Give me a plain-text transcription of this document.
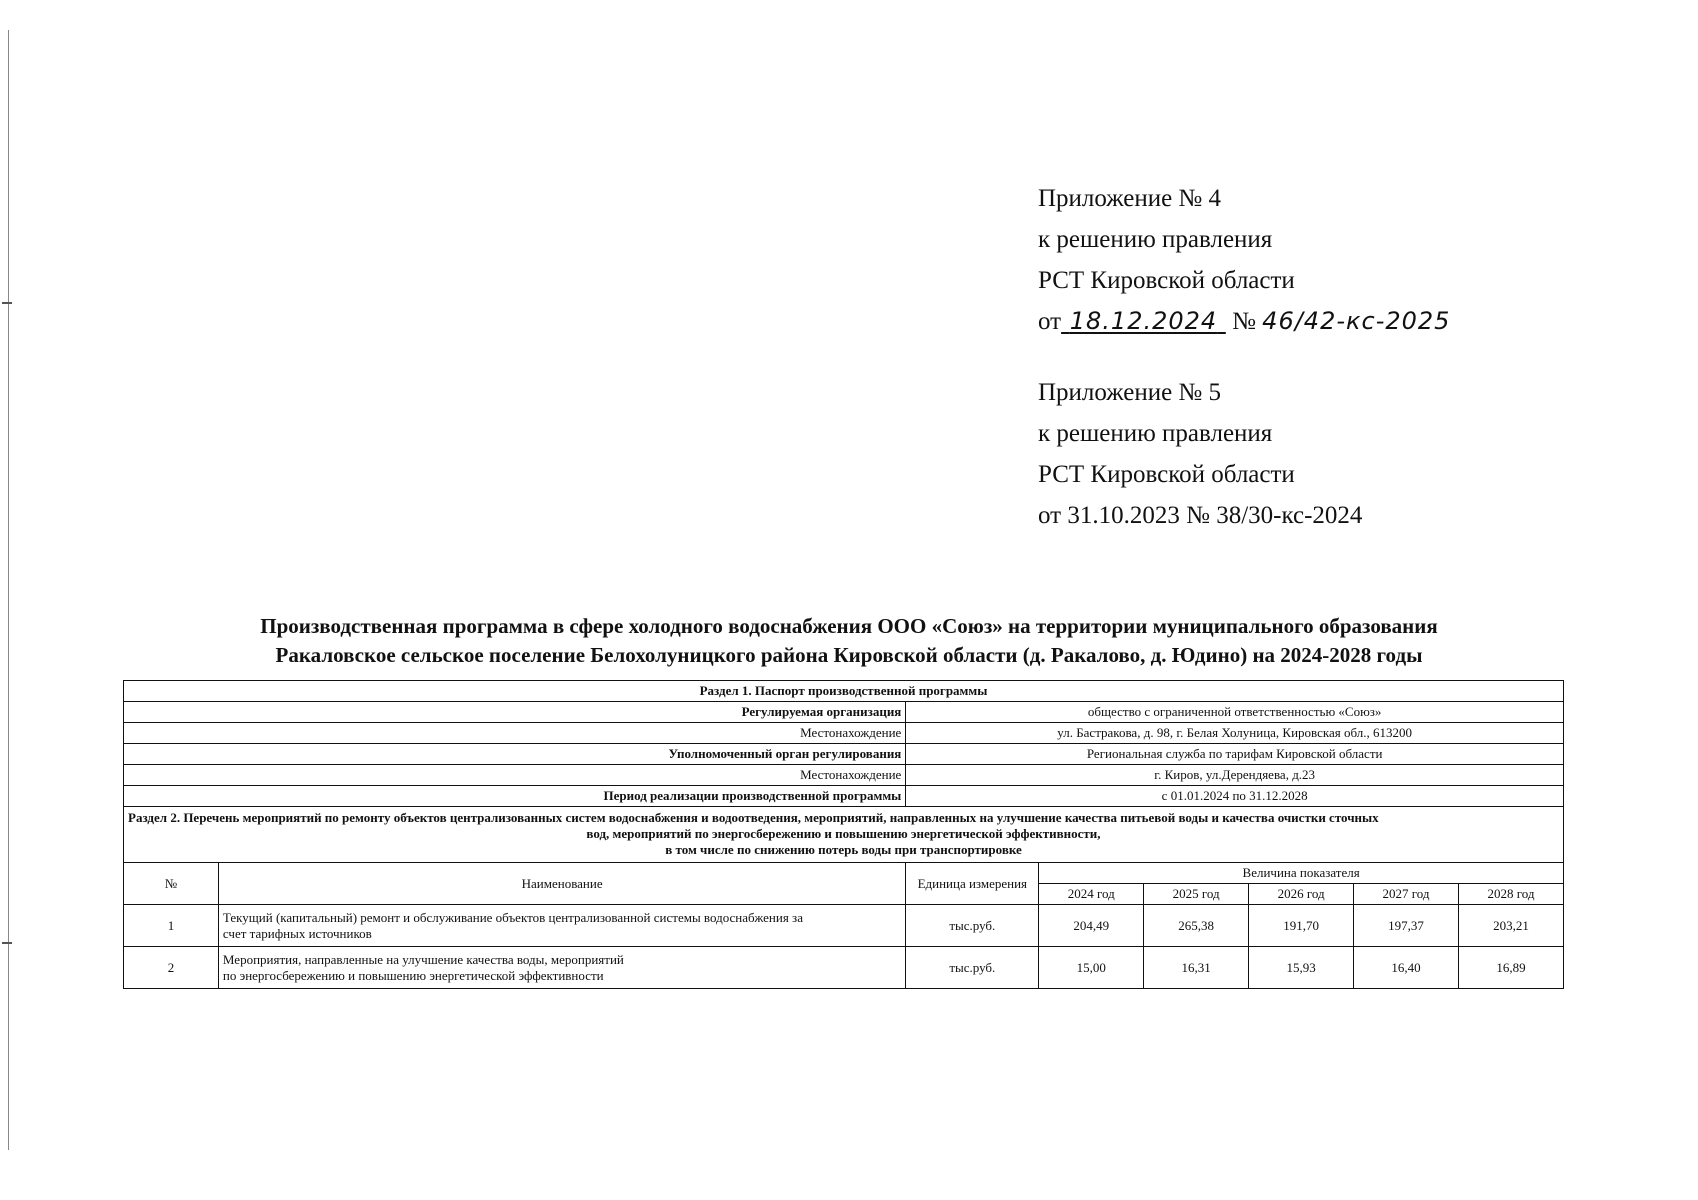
Приложение № 4
к решению правления
РСТ Кировской области
от 18.12.2024 № 46/42-кс-2025
Приложение № 5
к решению правления
РСТ Кировской области
от 31.10.2023 № 38/30-кс-2024
Производственная программа в сфере холодного водоснабжения ООО «Союз» на территории муниципального образования
Ракаловское сельское поселение Белохолуницкого района Кировской области (д. Ракалово, д. Юдино) на 2024-2028 годы
Раздел 1. Паспорт производственной программы							
Регулируемая организация		общество с ограниченной ответственностью «Союз»					
Местонахождение		ул. Бастракова, д. 98, г. Белая Холуница, Кировская обл., 613200					
Уполномоченный орган регулирования		Региональная служба по тарифам Кировской области					
Местонахождение		г. Киров, ул.Дерендяева, д.23					
Период реализации производственной программы		с 01.01.2024 по 31.12.2028					

Раздел 2. Перечень мероприятий по ремонту объектов централизованных систем водоснабжения и водоотведения, мероприятий, направленных на улучшение качества питьевой воды и качества очистки сточных
вод, мероприятий по энергосбережению и повышению энергетической эффективности,
в том числе по снижению потерь воды при транспортировке							

№	Наименование	Единица измерения	Величина показателя				
			2024 год	2025 год	2026 год	2027 год	2028 год
1	Текущий (капитальный) ремонт и обслуживание объектов централизованной системы водоснабжения за
счет тарифных источников	тыс.руб.	204,49	265,38	191,70	197,37	203,21
2	Мероприятия, направленные на улучшение качества воды, мероприятий
по энергосбережению и повышению энергетической эффективности	тыс.руб.	15,00	16,31	15,93	16,40	16,89
